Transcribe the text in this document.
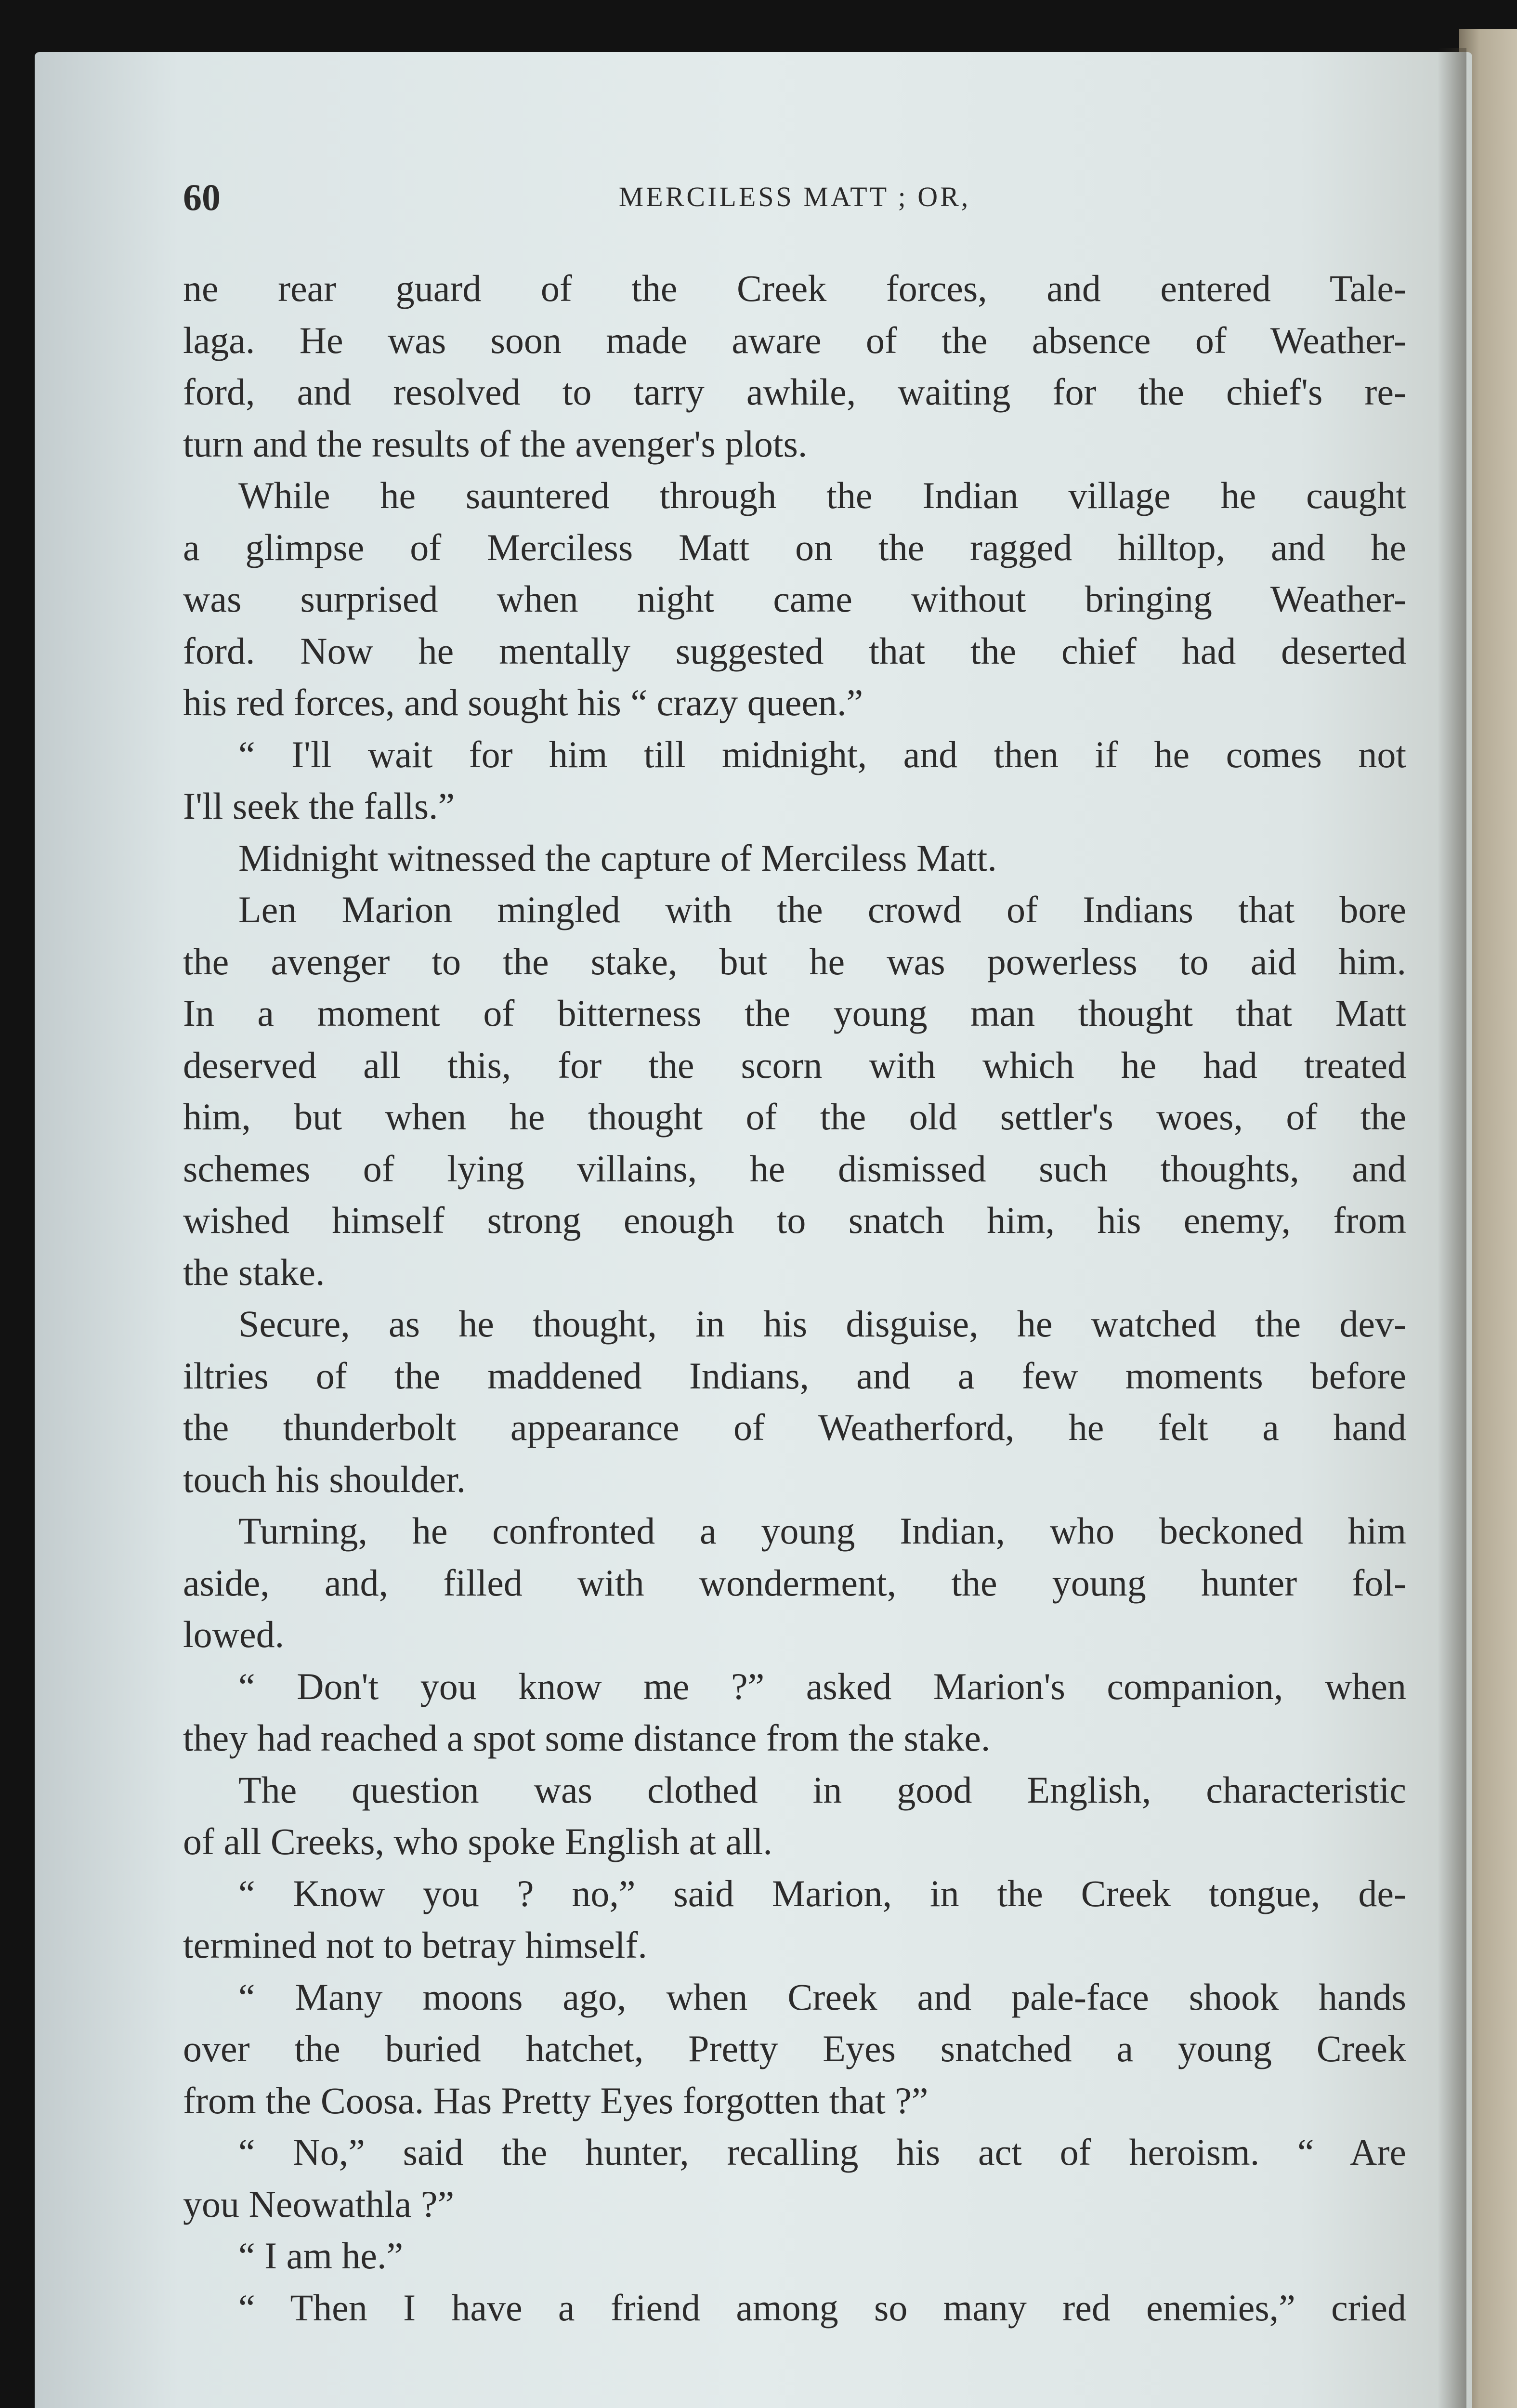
60	MERCILESS MATT ; OR,
ne rear guard of the Creek forces, and entered Tale-
laga. He was soon made aware of the absence of Weather-
ford, and resolved to tarry awhile, waiting for the chief's re-
turn and the results of the avenger's plots.
While he sauntered through the Indian village he caught
a glimpse of Merciless Matt on the ragged hilltop, and he
was surprised when night came without bringing Weather-
ford. Now he mentally suggested that the chief had deserted
his red forces, and sought his “ crazy queen.”
“ I'll wait for him till midnight, and then if he comes not
I'll seek the falls.”
Midnight witnessed the capture of Merciless Matt.
Len Marion mingled with the crowd of Indians that bore
the avenger to the stake, but he was powerless to aid him.
In a moment of bitterness the young man thought that Matt
deserved all this, for the scorn with which he had treated
him, but when he thought of the old settler's woes, of the
schemes of lying villains, he dismissed such thoughts, and
wished himself strong enough to snatch him, his enemy, from
the stake.
Secure, as he thought, in his disguise, he watched the dev-
iltries of the maddened Indians, and a few moments before
the thunderbolt appearance of Weatherford, he felt a hand
touch his shoulder.
Turning, he confronted a young Indian, who beckoned him
aside, and, filled with wonderment, the young hunter fol-
lowed.
“ Don't you know me ?” asked Marion's companion, when
they had reached a spot some distance from the stake.
The question was clothed in good English, characteristic
of all Creeks, who spoke English at all.
“ Know you ? no,” said Marion, in the Creek tongue, de-
termined not to betray himself.
“ Many moons ago, when Creek and pale-face shook hands
over the buried hatchet, Pretty Eyes snatched a young Creek
from the Coosa. Has Pretty Eyes forgotten that ?”
“ No,” said the hunter, recalling his act of heroism. “ Are
you Neowathla ?”
“ I am he.”
“ Then I have a friend among so many red enemies,” cried
